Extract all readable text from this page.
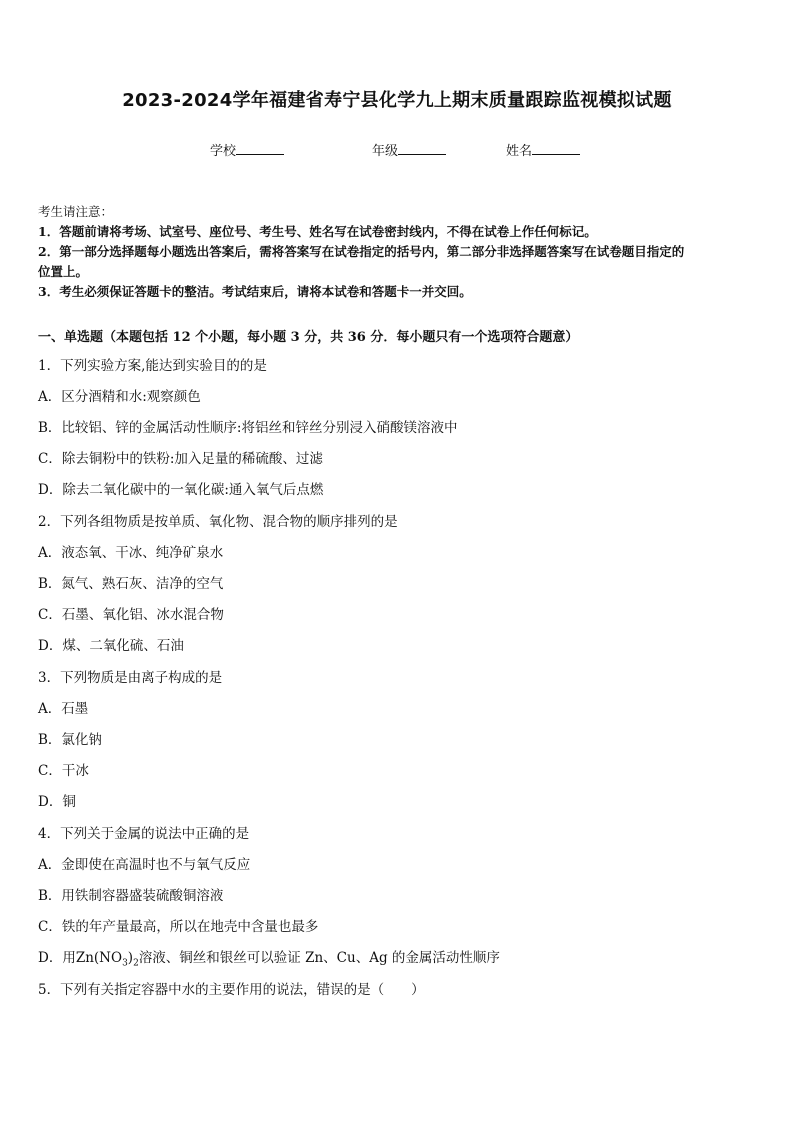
2023-2024学年福建省寿宁县化学九上期末质量跟踪监视模拟试题
学校	年级	姓名
考生请注意：
1．答题前请将考场、试室号、座位号、考生号、姓名写在试卷密封线内，不得在试卷上作任何标记。
2．第一部分选择题每小题选出答案后，需将答案写在试卷指定的括号内，第二部分非选择题答案写在试卷题目指定的
位置上。
3．考生必须保证答题卡的整洁。考试结束后，请将本试卷和答题卡一并交回。
一、单选题（本题包括 12 个小题，每小题 3 分，共 36 分．每小题只有一个选项符合题意）
1．下列实验方案,能达到实验目的的是
A．区分酒精和水:观察颜色
B．比较铝、锌的金属活动性顺序:将铝丝和锌丝分别浸入硝酸镁溶液中
C．除去铜粉中的铁粉:加入足量的稀硫酸、过滤
D．除去二氧化碳中的一氧化碳:通入氧气后点燃
2．下列各组物质是按单质、氧化物、混合物的顺序排列的是
A．液态氧、干冰、纯净矿泉水
B．氮气、熟石灰、洁净的空气
C．石墨、氧化铝、冰水混合物
D．煤、二氧化硫、石油
3．下列物质是由离子构成的是
A．石墨
B．氯化钠
C．干冰
D．铜
4．下列关于金属的说法中正确的是
A．金即使在高温时也不与氧气反应
B．用铁制容器盛装硫酸铜溶液
C．铁的年产量最高，所以在地壳中含量也最多
D．用$Zn(NO_3)_2$溶液、铜丝和银丝可以验证 Zn、Cu、Ag 的金属活动性顺序
5．下列有关指定容器中水的主要作用的说法，错误的是（　　）
